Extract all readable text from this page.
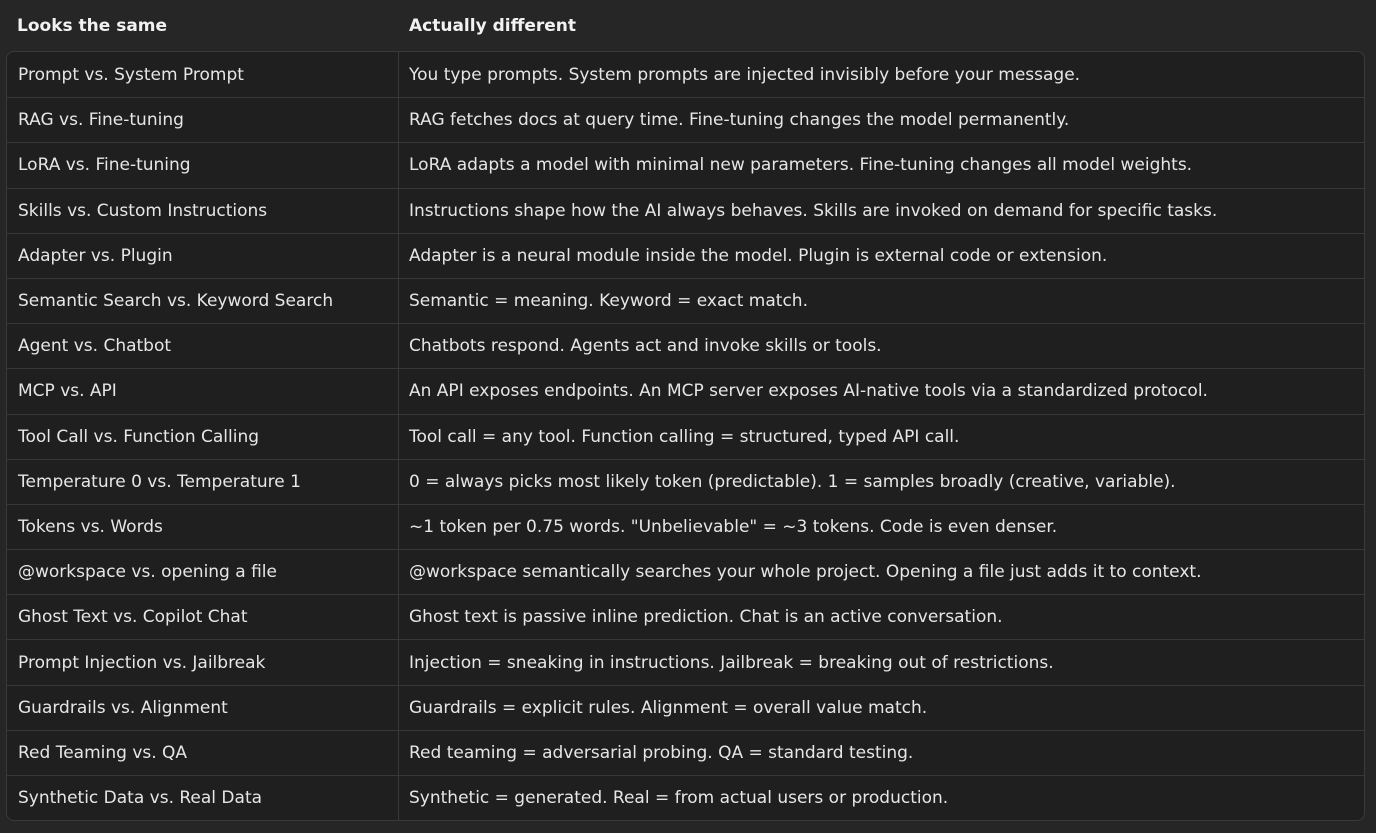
Looks the same	Actually different
Prompt vs. System Prompt	You type prompts. System prompts are injected invisibly before your message.
RAG vs. Fine-tuning	RAG fetches docs at query time. Fine-tuning changes the model permanently.
LoRA vs. Fine-tuning	LoRA adapts a model with minimal new parameters. Fine-tuning changes all model weights.
Skills vs. Custom Instructions	Instructions shape how the AI always behaves. Skills are invoked on demand for specific tasks.
Adapter vs. Plugin	Adapter is a neural module inside the model. Plugin is external code or extension.
Semantic Search vs. Keyword Search	Semantic = meaning. Keyword = exact match.
Agent vs. Chatbot	Chatbots respond. Agents act and invoke skills or tools.
MCP vs. API	An API exposes endpoints. An MCP server exposes AI-native tools via a standardized protocol.
Tool Call vs. Function Calling	Tool call = any tool. Function calling = structured, typed API call.
Temperature 0 vs. Temperature 1	0 = always picks most likely token (predictable). 1 = samples broadly (creative, variable).
Tokens vs. Words	~1 token per 0.75 words. "Unbelievable" = ~3 tokens. Code is even denser.
@workspace vs. opening a file	@workspace semantically searches your whole project. Opening a file just adds it to context.
Ghost Text vs. Copilot Chat	Ghost text is passive inline prediction. Chat is an active conversation.
Prompt Injection vs. Jailbreak	Injection = sneaking in instructions. Jailbreak = breaking out of restrictions.
Guardrails vs. Alignment	Guardrails = explicit rules. Alignment = overall value match.
Red Teaming vs. QA	Red teaming = adversarial probing. QA = standard testing.
Synthetic Data vs. Real Data	Synthetic = generated. Real = from actual users or production.
